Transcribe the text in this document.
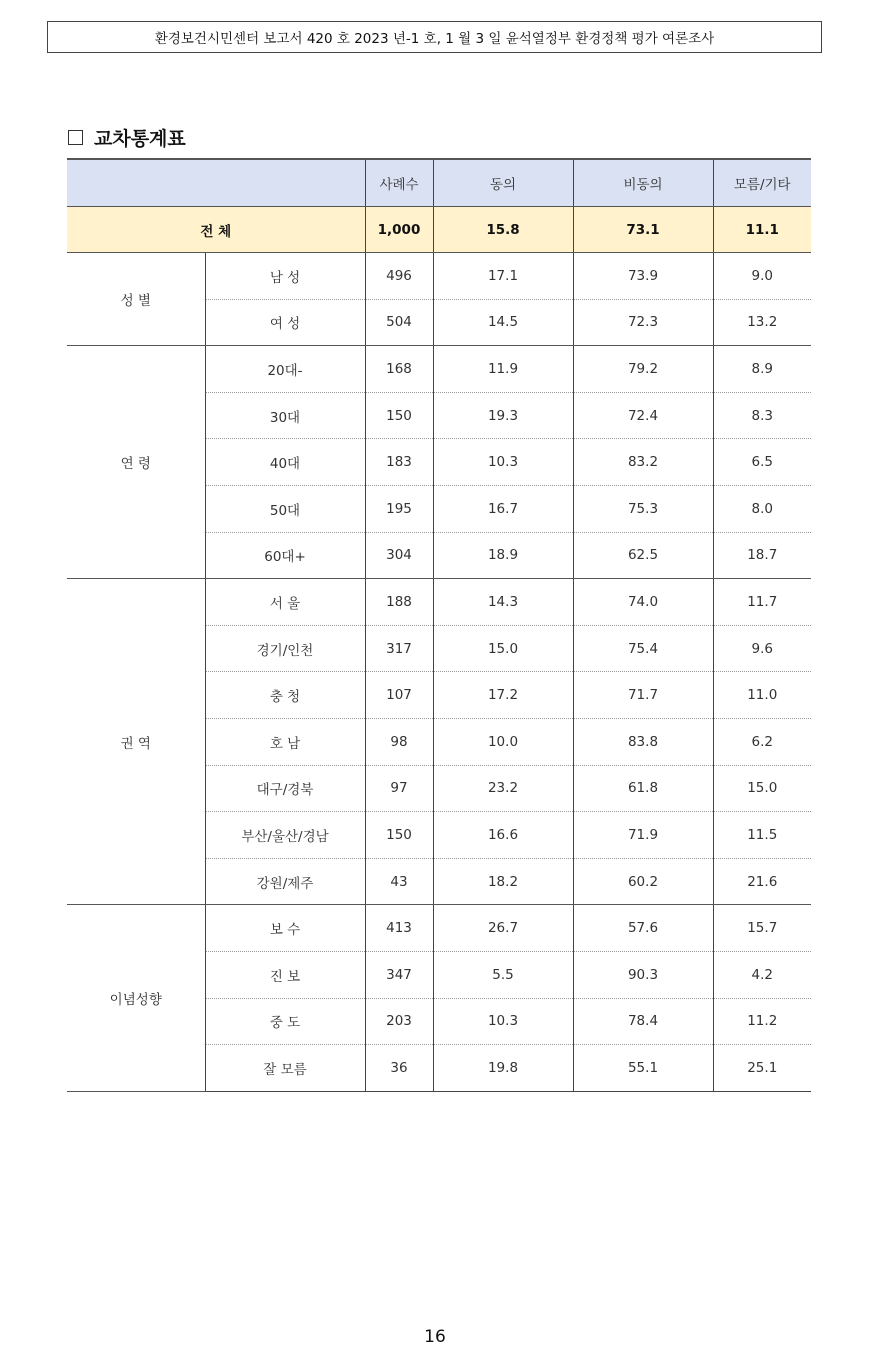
환경보건시민센터 보고서 420 호 2023 년-1 호, 1 월 3 일 윤석열정부 환경정책 평가 여론조사
교차통계표
		사례수	동의	비동의	모름/기타
전 체		1,000	15.8	73.1	11.1
성 별	남 성	496	17.1	73.9	9.0
	여 성	504	14.5	72.3	13.2
연 령	20대-	168	11.9	79.2	8.9
	30대	150	19.3	72.4	8.3
	40대	183	10.3	83.2	6.5
	50대	195	16.7	75.3	8.0
	60대+	304	18.9	62.5	18.7
권 역	서 울	188	14.3	74.0	11.7
	경기/인천	317	15.0	75.4	9.6
	충 청	107	17.2	71.7	11.0
	호 남	98	10.0	83.8	6.2
	대구/경북	97	23.2	61.8	15.0
	부산/울산/경남	150	16.6	71.9	11.5
	강원/제주	43	18.2	60.2	21.6
이념성향	보 수	413	26.7	57.6	15.7
	진 보	347	5.5	90.3	4.2
	중 도	203	10.3	78.4	11.2
	잘 모름	36	19.8	55.1	25.1
16
